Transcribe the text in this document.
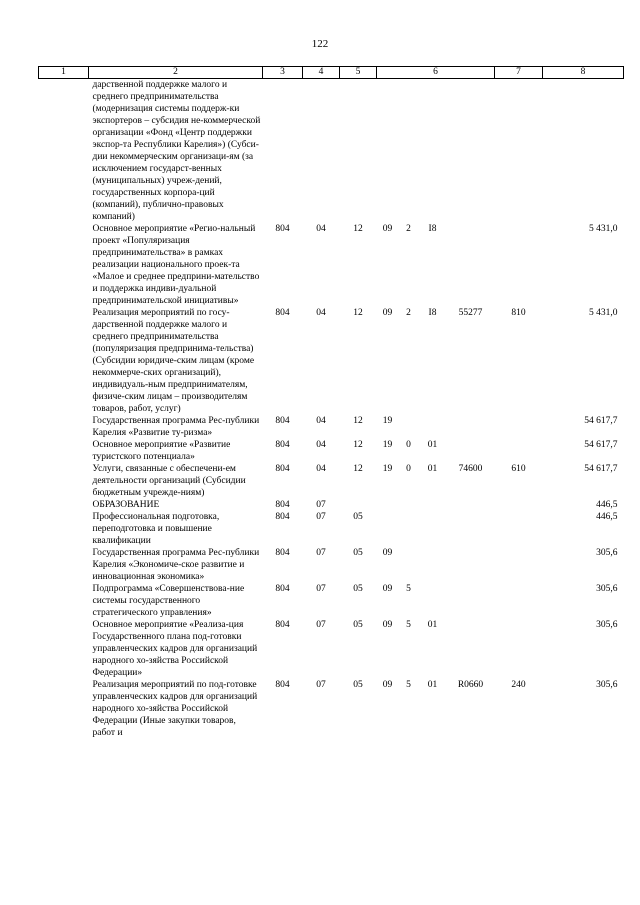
122
1	2	3	4	5	6				7	8
	дарственной поддержке малого и среднего предпринимательства (модернизация системы поддерж-ки экспортеров – субсидия не-коммерческой организации «Фонд «Центр поддержки экспор-та Республики Карелия») (Субси-дии некоммерческим организаци-ям (за исключением государст-венных (муниципальных) учреж-дений, государственных корпора-ций (компаний), публично-правовых компаний)									
	Основное мероприятие «Регио-нальный проект «Популяризация предпринимательства» в рамках реализации национального проек-та «Малое и среднее предприни-мательство и поддержка индиви-дуальной предпринимательской инициативы»	804	04	12	09	2	I8			5 431,0
	Реализация мероприятий по госу-дарственной поддержке малого и среднего предпринимательства (популяризация предпринима-тельства) (Субсидии юридиче-ским лицам (кроме некоммерче-ских организаций), индивидуаль-ным предпринимателям, физиче-ским лицам – производителям товаров, работ, услуг)	804	04	12	09	2	I8	55277	810	5 431,0
	Государственная программа Рес-публики Карелия «Развитие ту-ризма»	804	04	12	19					54 617,7
	Основное мероприятие «Развитие туристского потенциала»	804	04	12	19	0	01			54 617,7
	Услуги, связанные с обеспечени-ем деятельности организаций (Субсидии бюджетным учрежде-ниям)	804	04	12	19	0	01	74600	610	54 617,7
	ОБРАЗОВАНИЕ	804	07							446,5
	Профессиональная подготовка, переподготовка и повышение квалификации	804	07	05						446,5
	Государственная программа Рес-публики Карелия «Экономиче-ское развитие и инновационная экономика»	804	07	05	09					305,6
	Подпрограмма «Совершенствова-ние системы государственного стратегического управления»	804	07	05	09	5				305,6
	Основное мероприятие «Реализа-ция Государственного плана под-готовки управленческих кадров для организаций народного хо-зяйства Российской Федерации»	804	07	05	09	5	01			305,6
	Реализация мероприятий по под-готовке управленческих кадров для организаций народного хо-зяйства Российской Федерации (Иные закупки товаров, работ и	804	07	05	09	5	01	R0660	240	305,6
